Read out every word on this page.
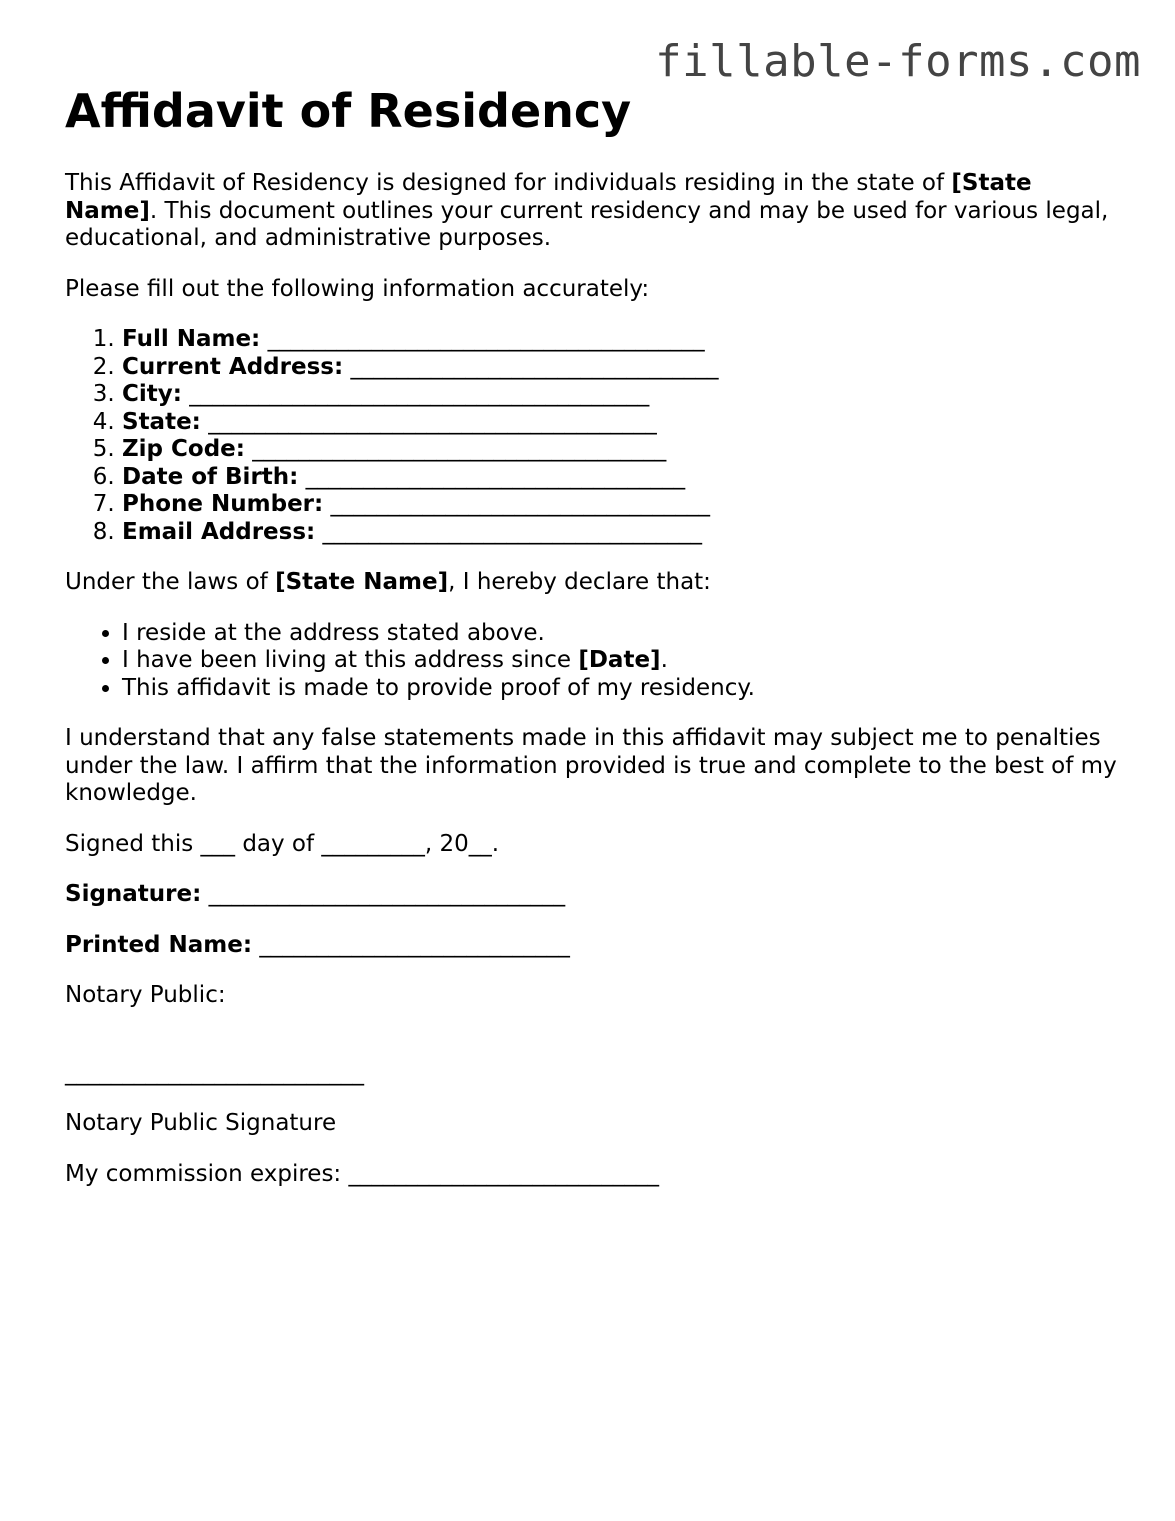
fillable-forms.com
Affidavit of Residency

This Affidavit of Residency is designed for individuals residing in the state of [State Name]. This document outlines your current residency and may be used for various legal, educational, and administrative purposes.

Please fill out the following information accurately:

1. Full Name: ______________________________________
2. Current Address: ________________________________
3. City: ________________________________________
4. State: _______________________________________
5. Zip Code: ____________________________________
6. Date of Birth: _________________________________
7. Phone Number: _________________________________
8. Email Address: _________________________________

Under the laws of [State Name], I hereby declare that:

• I reside at the address stated above.
• I have been living at this address since [Date].
• This affidavit is made to provide proof of my residency.

I understand that any false statements made in this affidavit may subject me to penalties under the law. I affirm that the information provided is true and complete to the best of my knowledge.

Signed this ___ day of _________, 20__.

Signature: _______________________________

Printed Name: ___________________________

Notary Public:

__________________________

Notary Public Signature

My commission expires: ___________________________
